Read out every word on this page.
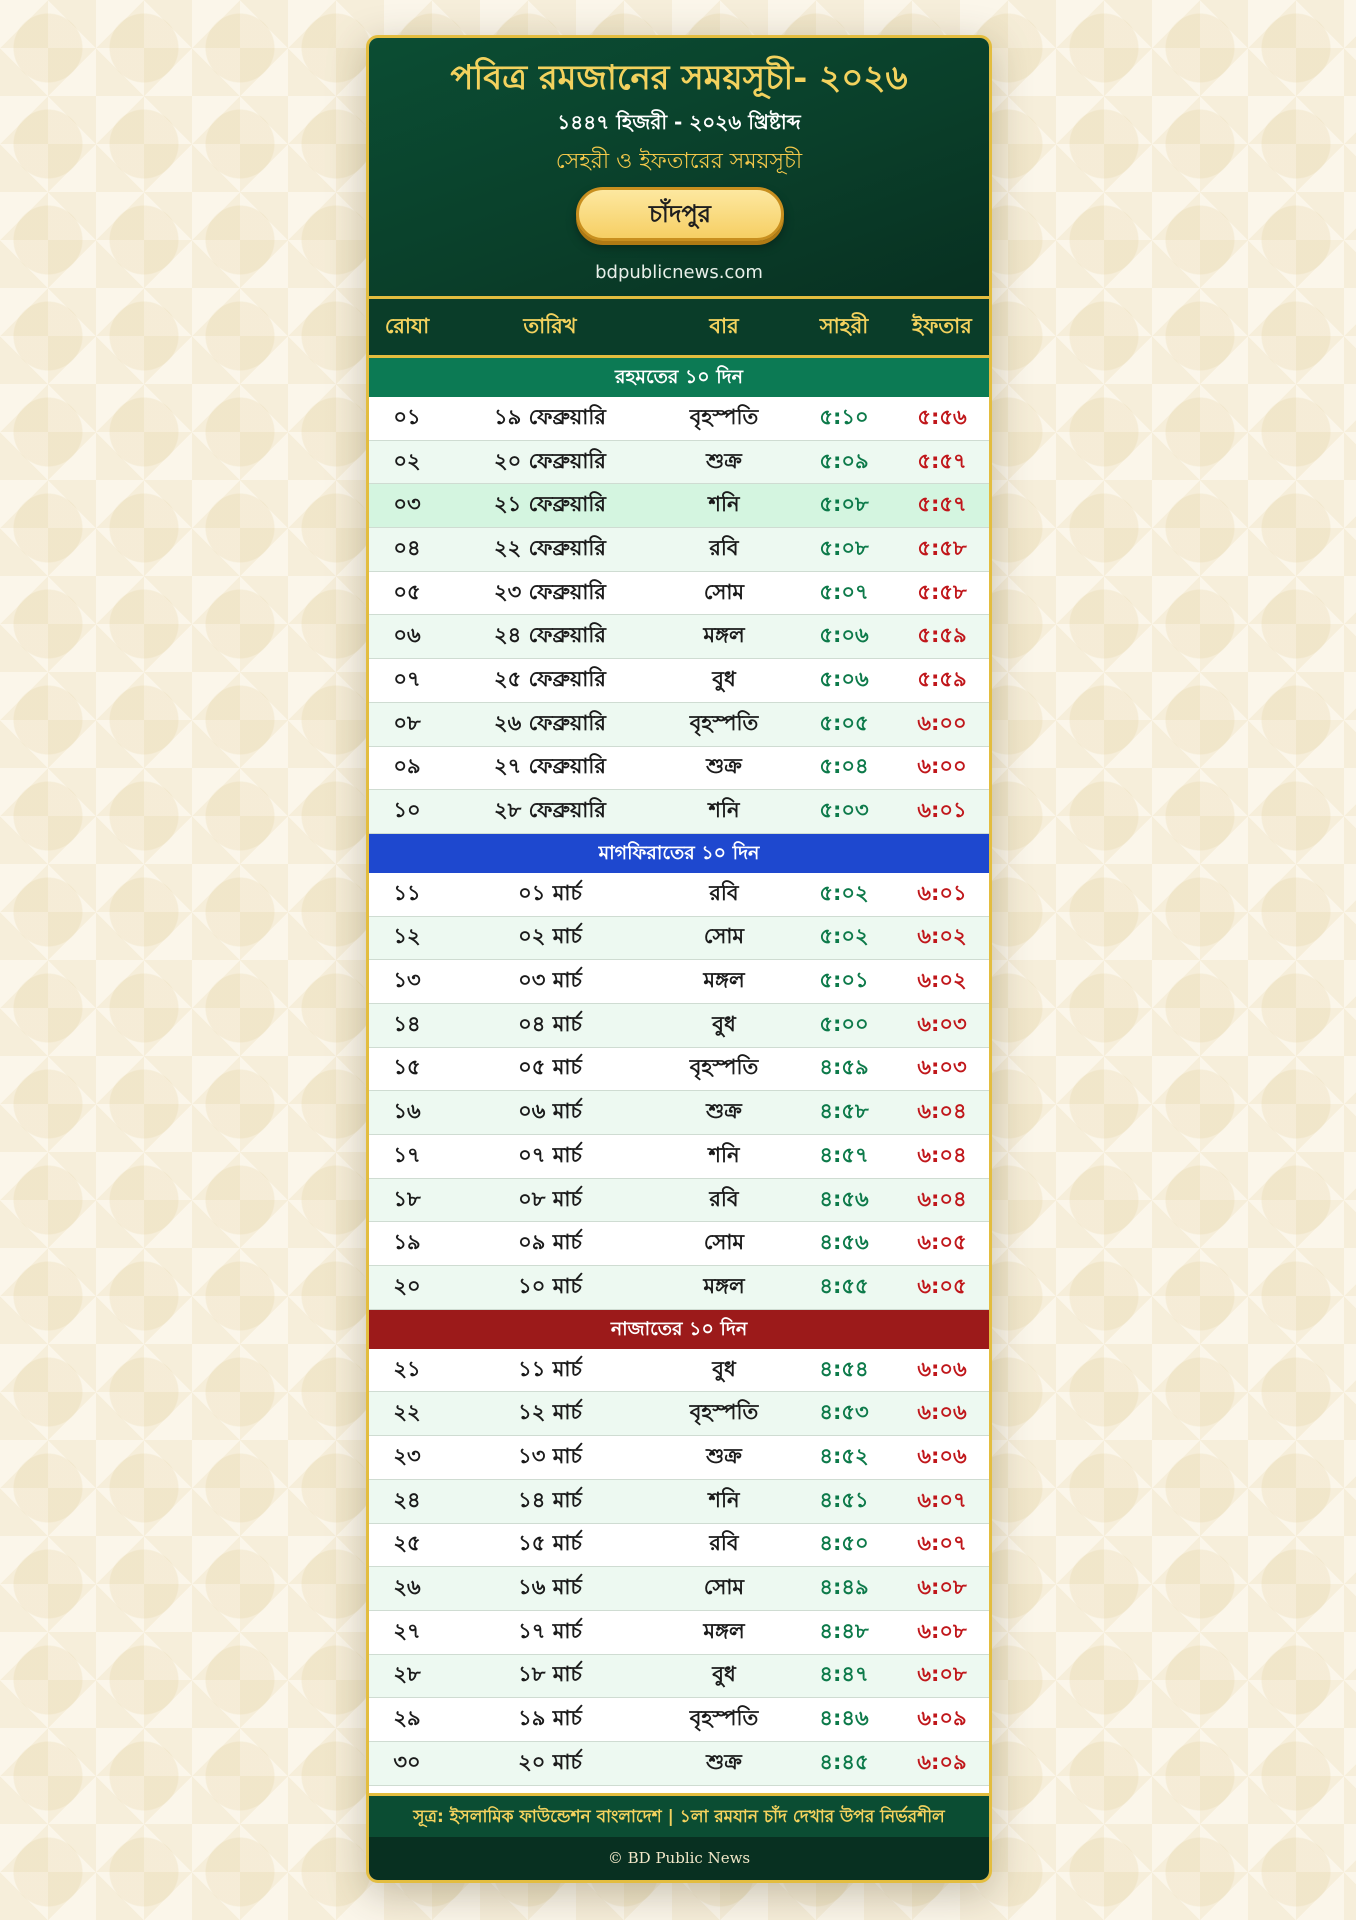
পবিত্র রমজানের সময়সূচী- ২০২৬
১৪৪৭ হিজরী - ২০২৬ খ্রিষ্টাব্দ
সেহরী ও ইফতারের সময়সূচী
চাঁদপুর
bdpublicnews.com
রোযা	তারিখ	বার	সাহরী	ইফতার
রহমতের ১০ দিন
০১	১৯ ফেব্রুয়ারি	বৃহস্পতি	৫:১০	৫:৫৬
০২	২০ ফেব্রুয়ারি	শুক্র	৫:০৯	৫:৫৭
০৩	২১ ফেব্রুয়ারি	শনি	৫:০৮	৫:৫৭
০৪	২২ ফেব্রুয়ারি	রবি	৫:০৮	৫:৫৮
০৫	২৩ ফেব্রুয়ারি	সোম	৫:০৭	৫:৫৮
০৬	২৪ ফেব্রুয়ারি	মঙ্গল	৫:০৬	৫:৫৯
০৭	২৫ ফেব্রুয়ারি	বুধ	৫:০৬	৫:৫৯
০৮	২৬ ফেব্রুয়ারি	বৃহস্পতি	৫:০৫	৬:০০
০৯	২৭ ফেব্রুয়ারি	শুক্র	৫:০৪	৬:০০
১০	২৮ ফেব্রুয়ারি	শনি	৫:০৩	৬:০১
মাগফিরাতের ১০ দিন
১১	০১ মার্চ	রবি	৫:০২	৬:০১
১২	০২ মার্চ	সোম	৫:০২	৬:০২
১৩	০৩ মার্চ	মঙ্গল	৫:০১	৬:০২
১৪	০৪ মার্চ	বুধ	৫:০০	৬:০৩
১৫	০৫ মার্চ	বৃহস্পতি	৪:৫৯	৬:০৩
১৬	০৬ মার্চ	শুক্র	৪:৫৮	৬:০৪
১৭	০৭ মার্চ	শনি	৪:৫৭	৬:০৪
১৮	০৮ মার্চ	রবি	৪:৫৬	৬:০৪
১৯	০৯ মার্চ	সোম	৪:৫৬	৬:০৫
২০	১০ মার্চ	মঙ্গল	৪:৫৫	৬:০৫
নাজাতের ১০ দিন
২১	১১ মার্চ	বুধ	৪:৫৪	৬:০৬
২২	১২ মার্চ	বৃহস্পতি	৪:৫৩	৬:০৬
২৩	১৩ মার্চ	শুক্র	৪:৫২	৬:০৬
২৪	১৪ মার্চ	শনি	৪:৫১	৬:০৭
২৫	১৫ মার্চ	রবি	৪:৫০	৬:০৭
২৬	১৬ মার্চ	সোম	৪:৪৯	৬:০৮
২৭	১৭ মার্চ	মঙ্গল	৪:৪৮	৬:০৮
২৮	১৮ মার্চ	বুধ	৪:৪৭	৬:০৮
২৯	১৯ মার্চ	বৃহস্পতি	৪:৪৬	৬:০৯
৩০	২০ মার্চ	শুক্র	৪:৪৫	৬:০৯
সূত্র: ইসলামিক ফাউন্ডেশন বাংলাদেশ | ১লা রমযান চাঁদ দেখার উপর নির্ভরশীল
© BD Public News
